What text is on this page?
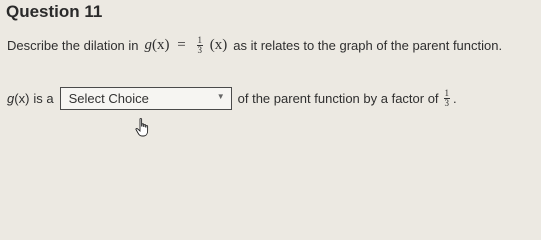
Question 11
Describe the dilation in $g(x) = \frac{1}{3} (x)$ as it relates to the graph of the parent function.
g(x) is a	Select Choice	▼ of the parent function by a factor of $\frac{1}{3}$ .
